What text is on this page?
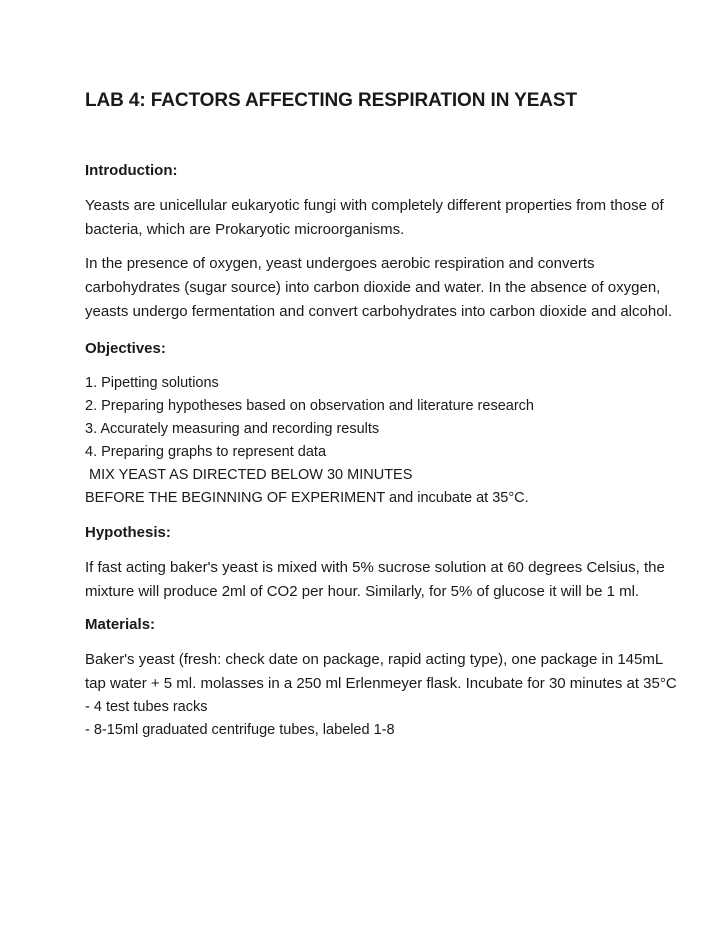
LAB 4: FACTORS AFFECTING RESPIRATION IN YEAST
Introduction:

Yeasts are unicellular eukaryotic fungi with completely different properties from those of bacteria, which are Prokaryotic microorganisms.

In the presence of oxygen, yeast undergoes aerobic respiration and converts carbohydrates (sugar source) into carbon dioxide and water. In the absence of oxygen, yeasts undergo fermentation and convert carbohydrates into carbon dioxide and alcohol.

Objectives:

1. Pipetting solutions

2. Preparing hypotheses based on observation and literature research

3. Accurately measuring and recording results

4. Preparing graphs to represent data

MIX YEAST AS DIRECTED BELOW 30 MINUTES

BEFORE THE BEGINNING OF EXPERIMENT and incubate at 35°C.

Hypothesis:

If fast acting baker's yeast is mixed with 5% sucrose solution at 60 degrees Celsius, the mixture will produce 2ml of CO2 per hour. Similarly, for 5% of glucose it will be 1 ml.

Materials:

Baker's yeast (fresh: check date on package, rapid acting type), one package in 145mL tap water + 5 ml. molasses in a 250 ml Erlenmeyer flask. Incubate for 30 minutes at 35°C

- 4 test tubes racks

- 8-15ml graduated centrifuge tubes, labeled 1-8
